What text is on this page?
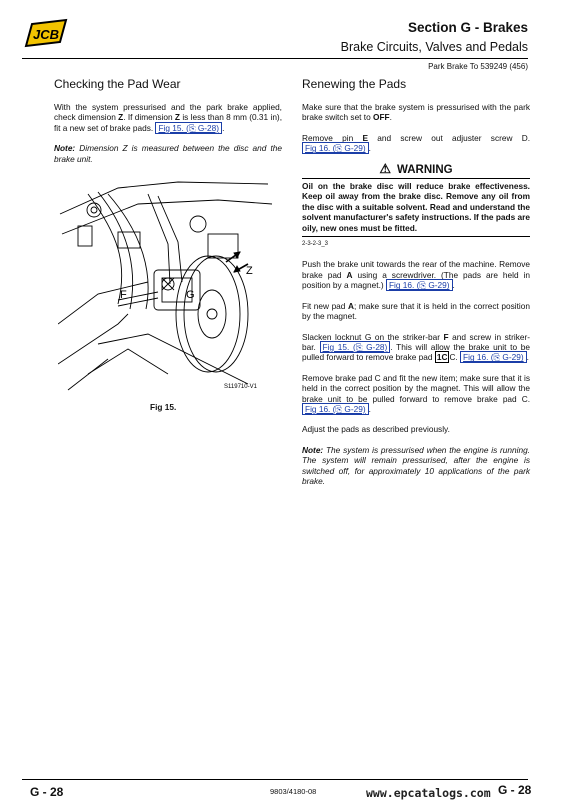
JCB	Section G - Brakes
Brake Circuits, Valves and Pedals
Park Brake To 539249 (456)
Checking the Pad Wear

With the system pressurised and the park brake applied, check dimension Z. If dimension Z is less than 8 mm (0.31 in), fit a new set of brake pads. Fig 15. (⎘ G-28) .

Note: Dimension Z is measured between the disc and the brake unit.

Z
F	G
S119710-V1
Fig 15.
Renewing the Pads

Make sure that the brake system is pressurised with the park brake switch set to OFF.

Remove pin E and screw out adjuster screw D. Fig 16. (⎘ G-29) .

⚠ WARNING
Oil on the brake disc will reduce brake effectiveness. Keep oil away from the brake disc. Remove any oil from the disc with a suitable solvent. Read and understand the solvent manufacturer's safety instructions. If the pads are oily, new ones must be fitted.
2-3-2-3_3

Push the brake unit towards the rear of the machine. Remove brake pad A using a screwdriver. (The pads are held in position by a magnet.) Fig 16. (⎘ G-29) .

Fit new pad A; make sure that it is held in the correct position by the magnet.

Slacken locknut G on the striker-bar F and screw in striker-bar. Fig 15. (⎘ G-28) . This will allow the brake unit to be pulled forward to remove brake pad 1C C. Fig 16. (⎘ G-29) .

Remove brake pad C and fit the new item; make sure that it is held in the correct position by the magnet. This will allow the brake unit to be pulled forward to remove brake pad C. Fig 16. (⎘ G-29) .

Adjust the pads as described previously.

Note: The system is pressurised when the engine is running. The system will remain pressurised, after the engine is switched off, for approximately 10 applications of the park brake.

G - 28	9803/4180-08	www.epcatalogs.com G - 28
